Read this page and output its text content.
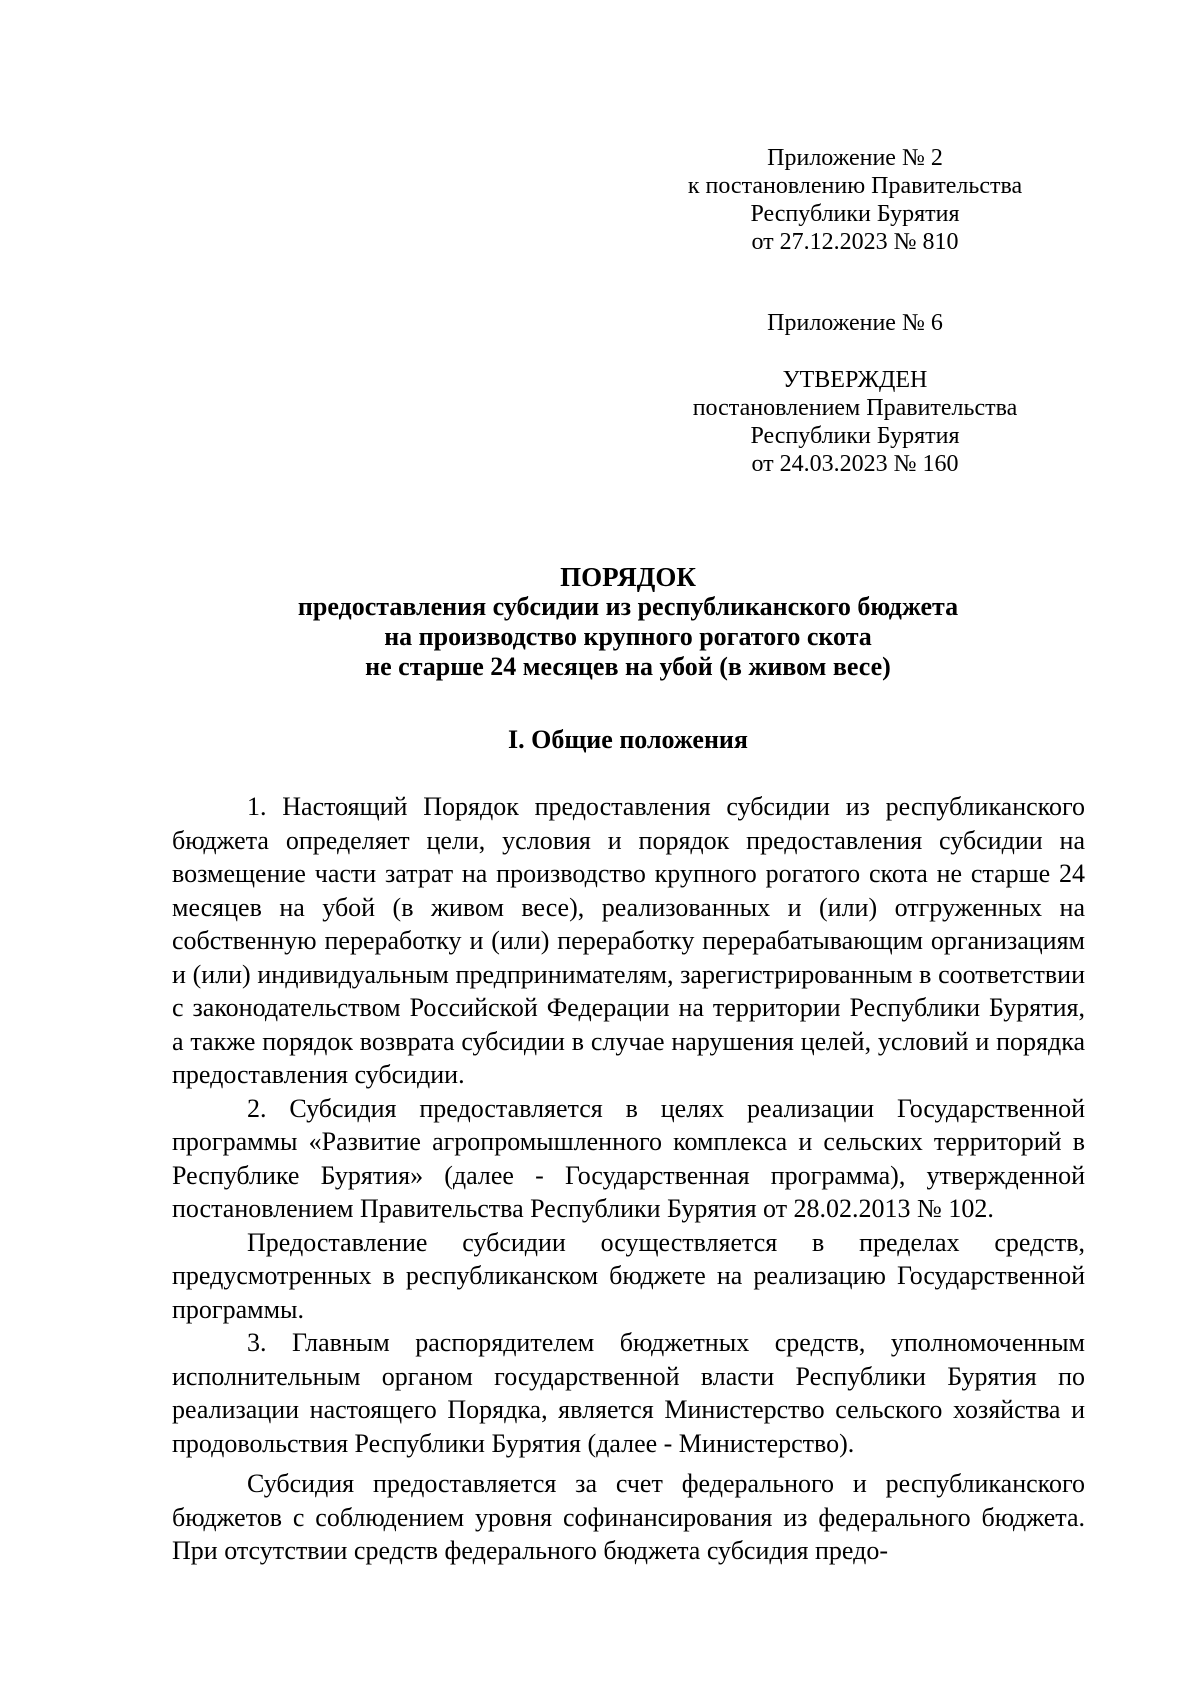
Приложение № 2

к постановлению Правительства

Республики Бурятия

от 27.12.2023 № 810

Приложение № 6

УТВЕРЖДЕН

постановлением Правительства

Республики Бурятия

от 24.03.2023 № 160

ПОРЯДОК

предоставления субсидии из республиканского бюджета

на производство крупного рогатого скота

не старше 24 месяцев на убой (в живом весе)

I. Общие положения

1. Настоящий Порядок предоставления субсидии из республиканского бюджета определяет цели, условия и порядок предоставления субсидии на возмещение части затрат на производство крупного рогатого скота не старше 24 месяцев на убой (в живом весе), реализованных и (или) отгруженных на собственную переработку и (или) переработку перерабатывающим организациям и (или) индивидуальным предпринимателям, зарегистрированным в соответствии с законодательством Российской Федерации на территории Республики Бурятия, а также порядок возврата субсидии в случае нарушения целей, условий и порядка предоставления субсидии.

2. Субсидия предоставляется в целях реализации Государственной программы «Развитие агропромышленного комплекса и сельских территорий в Республике Бурятия» (далее - Государственная программа), утвержденной постановлением Правительства Республики Бурятия от 28.02.2013 № 102.

Предоставление субсидии осуществляется в пределах средств, предусмотренных в республиканском бюджете на реализацию Государственной программы.

3. Главным распорядителем бюджетных средств, уполномоченным исполнительным органом государственной власти Республики Бурятия по реализации настоящего Порядка, является Министерство сельского хозяйства и продовольствия Республики Бурятия (далее - Министерство).

Субсидия предоставляется за счет федерального и республиканского бюджетов с соблюдением уровня софинансирования из федерального бюджета. При отсутствии средств федерального бюджета субсидия предо-
